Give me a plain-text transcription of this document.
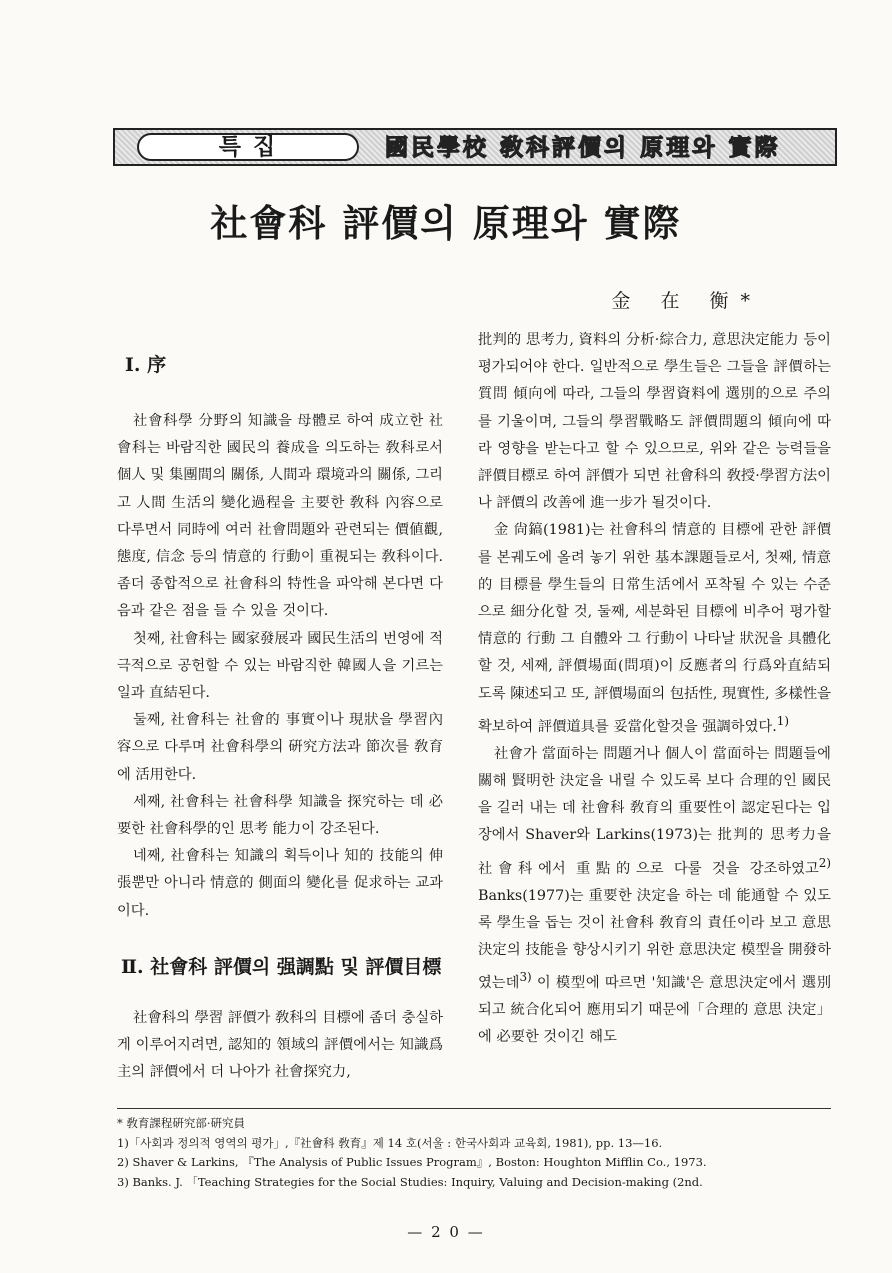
특 집	國民學校 敎科評價의 原理와 實際
社會科 評價의 原理와 實際
金 在 衡*
Ⅰ. 序

社會科學 分野의 知識을 母體로 하여 成立한 社會科는 바람직한 國民의 養成을 의도하는 敎科로서 個人 및 集團間의 關係, 人間과 環境과의 關係, 그리고 人間 生活의 變化過程을 主要한 敎科 內容으로 다루면서 同時에 여러 社會問題와 관련되는 價値觀, 態度, 信念 등의 情意的 行動이 重視되는 敎科이다. 좀더 종합적으로 社會科의 特性을 파악해 본다면 다음과 같은 점을 들 수 있을 것이다.

첫째, 社會科는 國家發展과 國民生活의 번영에 적극적으로 공헌할 수 있는 바람직한 韓國人을 기르는 일과 直結된다.

둘째, 社會科는 社會的 事實이나 現狀을 學習內容으로 다루며 社會科學의 硏究方法과 節次를 敎育에 活用한다.

세째, 社會科는 社會科學 知識을 探究하는 데 必要한 社會科學的인 思考 能力이 강조된다.

네째, 社會科는 知識의 획득이나 知的 技能의 伸張뿐만 아니라 情意的 側面의 變化를 促求하는 교과이다.

Ⅱ. 社會科 評價의 强調點 및 評價目標

社會科의 學習 評價가 敎科의 目標에 좀더 충실하게 이루어지려면, 認知的 領域의 評價에서는 知識爲主의 評價에서 더 나아가 社會探究力,

批判的 思考力, 資料의 分析·綜合力, 意思決定能力 등이 평가되어야 한다. 일반적으로 學生들은 그들을 評價하는 質問 傾向에 따라, 그들의 學習資料에 選別的으로 주의를 기울이며, 그들의 學習戰略도 評價問題의 傾向에 따라 영향을 받는다고 할 수 있으므로, 위와 같은 능력들을 評價目標로 하여 評價가 되면 社會科의 敎授·學習方法이나 評價의 改善에 進一步가 될것이다.

金 尙鎬(1981)는 社會科의 情意的 目標에 관한 評價를 본궤도에 올려 놓기 위한 基本課題들로서, 첫째, 情意的 目標를 學生들의 日常生活에서 포착될 수 있는 수준으로 細分化할 것, 둘째, 세분화된 目標에 비추어 평가할 情意的 行動 그 自體와 그 行動이 나타날 狀況을 具體化할 것, 세째, 評價場面(問項)이 反應者의 行爲와直結되도록 陳述되고 또, 評價場面의 包括性, 現實性, 多樣性을 확보하여 評價道具를 妥當化할것을 强調하였다.$^{1)}$

社會가 當面하는 問題거나 個人이 當面하는 問題들에 關해 賢明한 決定을 내릴 수 있도록 보다 合理的인 國民을 길러 내는 데 社會科 敎育의 重要性이 認定된다는 입장에서 Shaver와 Larkins(1973)는 批判的 思考力을 社會科에서 重點的으로 다룰 것을 강조하였고$^{2)}$ Banks(1977)는 重要한 決定을 하는 데 能通할 수 있도록 學生을 돕는 것이 社會科 敎育의 責任이라 보고 意思決定의 技能을 향상시키기 위한 意思決定 模型을 開發하였는데$^{3)}$ 이 模型에 따르면 '知識'은 意思決定에서 選別되고 統合化되어 應用되기 때문에「合理的 意思 決定」에 必要한 것이긴 해도

* 敎育課程硏究部·硏究員
1)「사회과 정의적 영역의 평가」,『社會科 敎育』제 14 호(서울 : 한국사회과 교육회, 1981), pp. 13—16.
2) Shaver & Larkins, 『The Analysis of Public Issues Program』, Boston: Houghton Mifflin Co., 1973.
3) Banks. J. 「Teaching Strategies for the Social Studies: Inquiry, Valuing and Decision-making (2nd.
— 2 0 —
